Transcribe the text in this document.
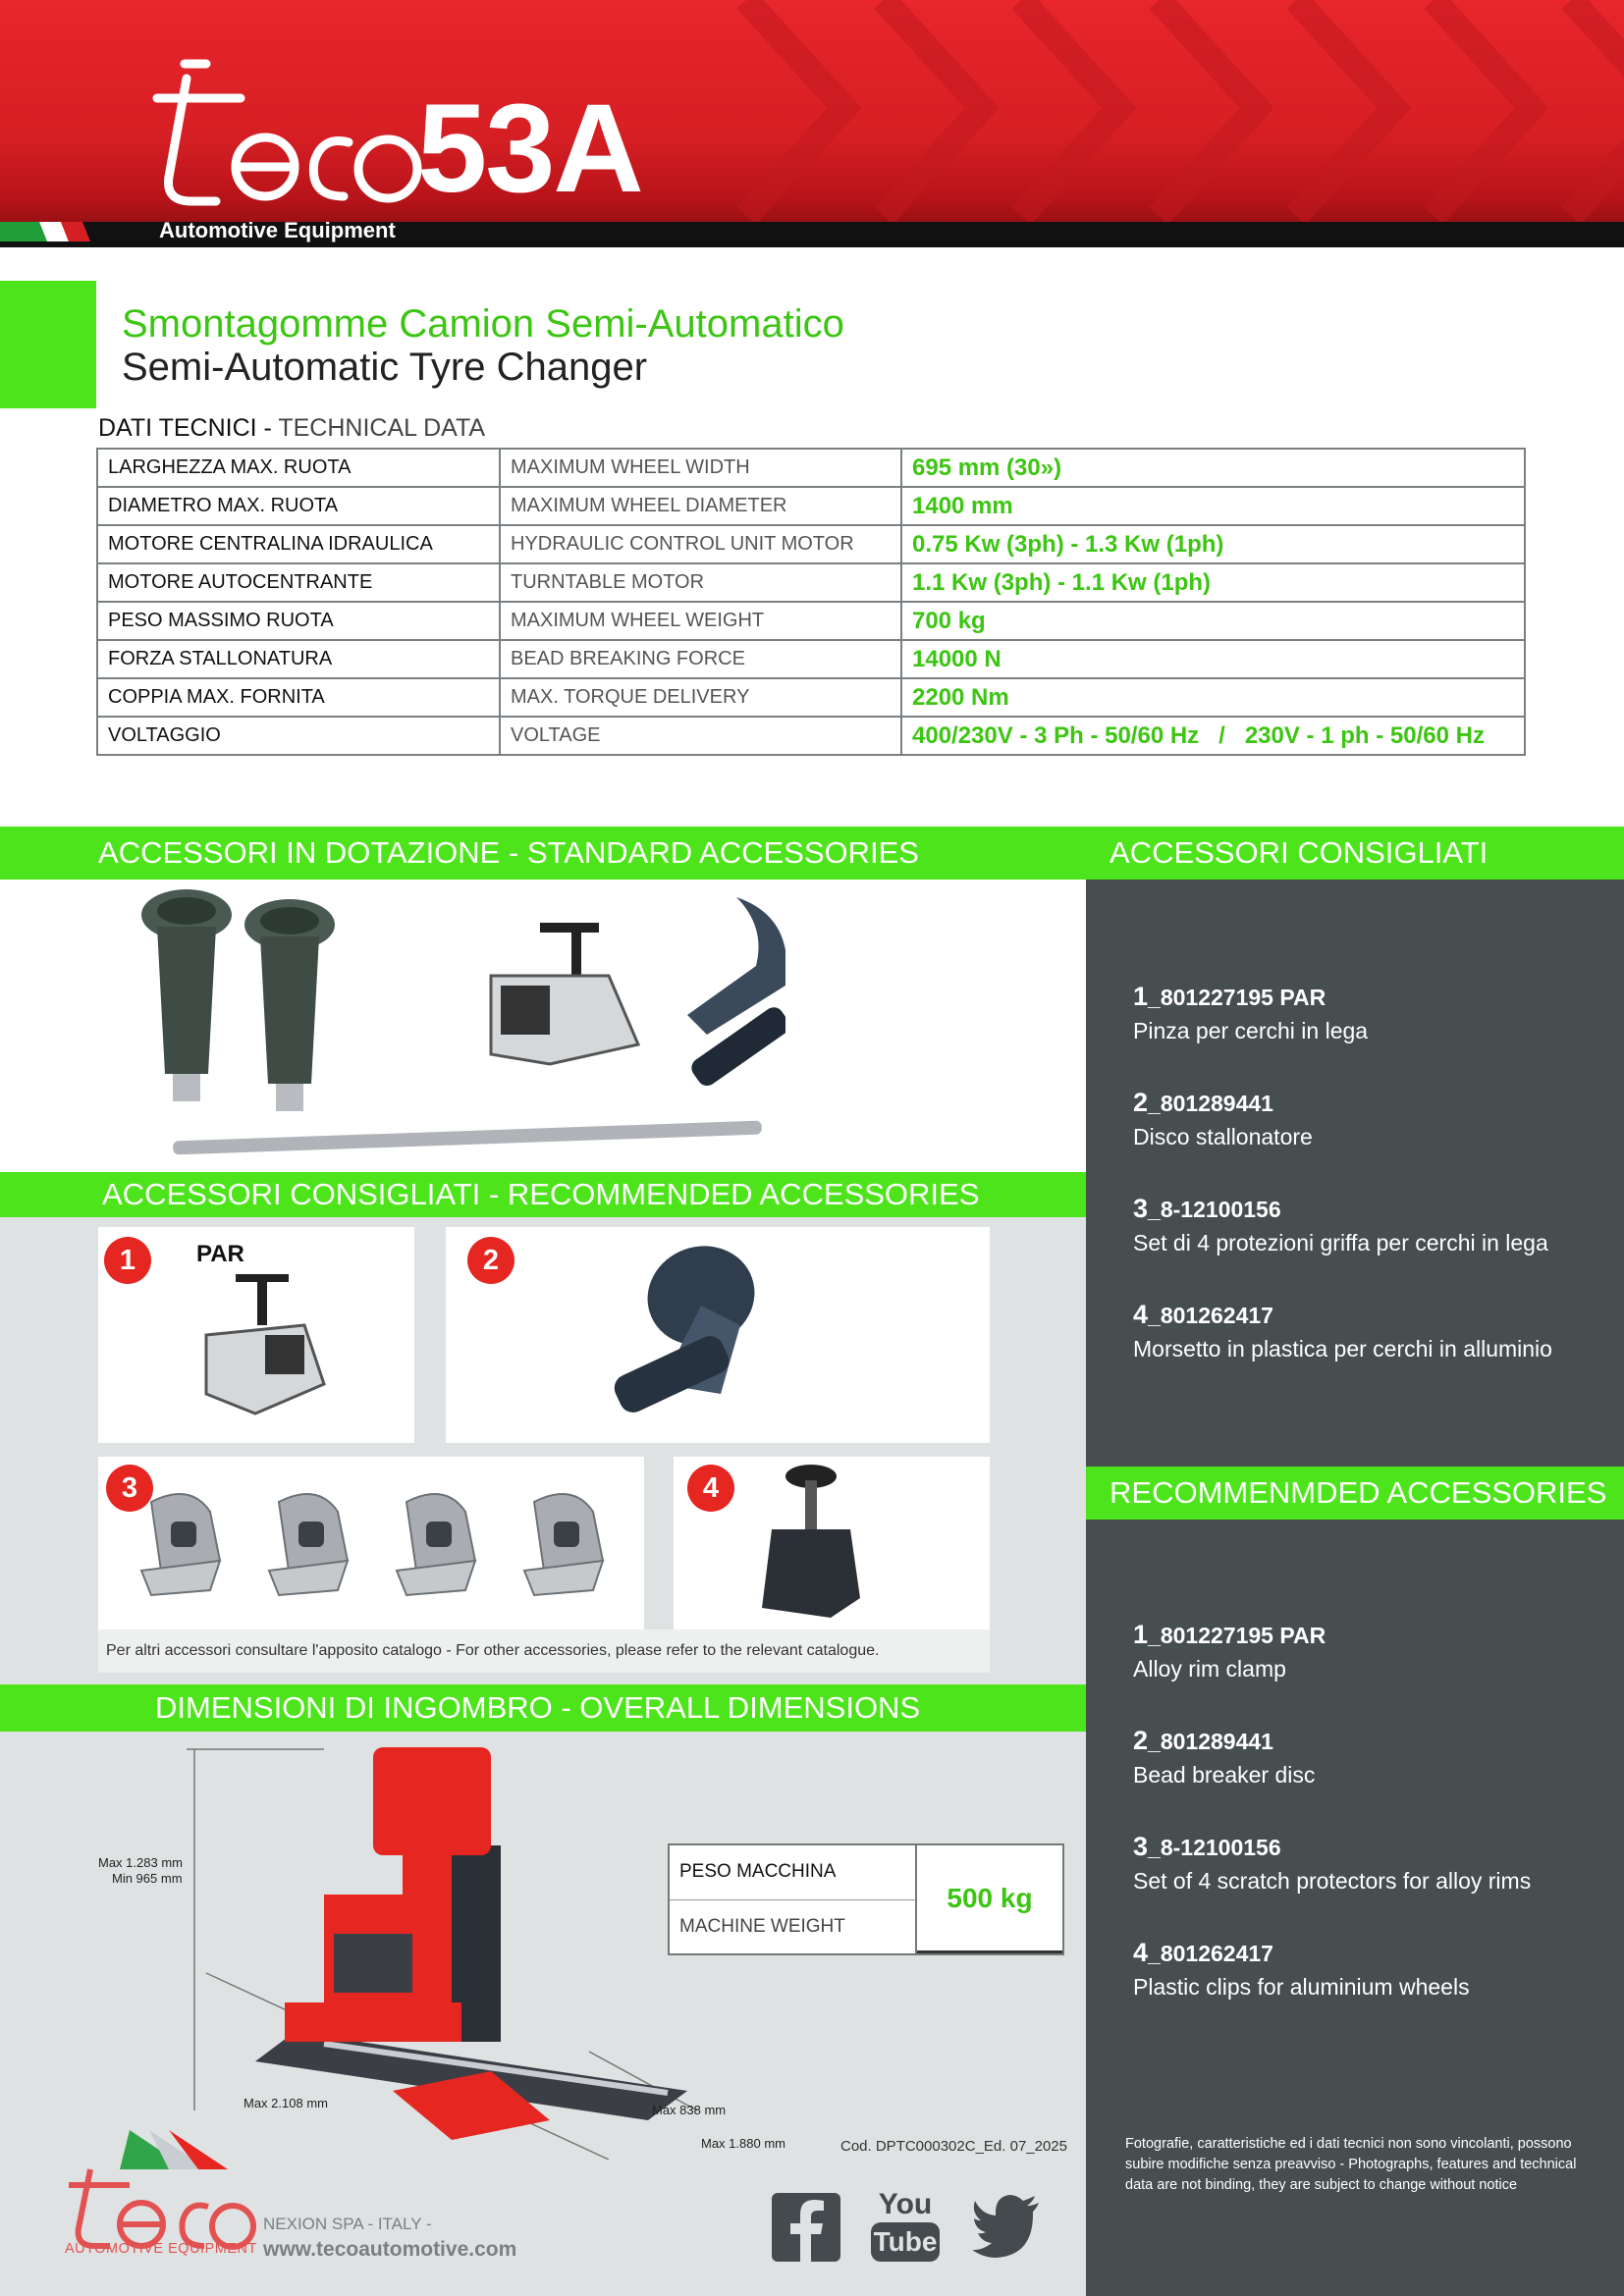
53A
Automotive Equipment
Smontagomme Camion Semi-Automatico
Semi-Automatic Tyre Changer
DATI TECNICI - TECHNICAL DATA
LARGHEZZA MAX. RUOTA	MAXIMUM WHEEL WIDTH	695 mm (30»)
DIAMETRO MAX. RUOTA	MAXIMUM WHEEL DIAMETER	1400 mm
MOTORE CENTRALINA IDRAULICA	HYDRAULIC CONTROL UNIT MOTOR	0.75 Kw (3ph) - 1.3 Kw (1ph)
MOTORE AUTOCENTRANTE	TURNTABLE MOTOR	1.1 Kw (3ph) - 1.1 Kw (1ph)
PESO MASSIMO RUOTA	MAXIMUM WHEEL WEIGHT	700 kg
FORZA STALLONATURA	BEAD BREAKING FORCE	14000 N
COPPIA MAX. FORNITA	MAX. TORQUE DELIVERY	2200 Nm
VOLTAGGIO	VOLTAGE	400/230V - 3 Ph - 50/60 Hz   /   230V - 1 ph - 50/60 Hz
ACCESSORI IN DOTAZIONE - STANDARD ACCESSORIES	ACCESSORI CONSIGLIATI
RECOMMENMDED ACCESSORIES
1_801227195 PAR
Pinza per cerchi in lega
2_801289441
Disco stallonatore
3_8-12100156
Set di 4 protezioni griffa per cerchi in lega
4_801262417
Morsetto in plastica per cerchi in alluminio
1_801227195 PAR
Alloy rim clamp
2_801289441
Bead breaker disc
3_8-12100156
Set of 4 scratch protectors for alloy rims
4_801262417
Plastic clips for aluminium wheels
Fotografie, caratteristiche ed i dati tecnici non sono vincolanti, possono subire modifiche senza preavviso - Photographs, features and technical data are not binding, they are subject to change without notice
ACCESSORI CONSIGLIATI - RECOMMENDED ACCESSORIES
1	PAR	2
3	4
Per altri accessori consultare l'apposito catalogo - For other accessories, please refer to the relevant catalogue.
DIMENSIONI DI INGOMBRO - OVERALL DIMENSIONS
Max 1.283 mm
Min 965 mm
Max 2.108 mm	Max 838 mm
Max 1.880 mm
PESO MACCHINA
MACHINE WEIGHT
500 kg
Cod. DPTC000302C_Ed. 07_2025
AUTOMOTIVE EQUIPMENT
NEXION SPA - ITALY -
www.tecoautomotive.com
You
Tube
